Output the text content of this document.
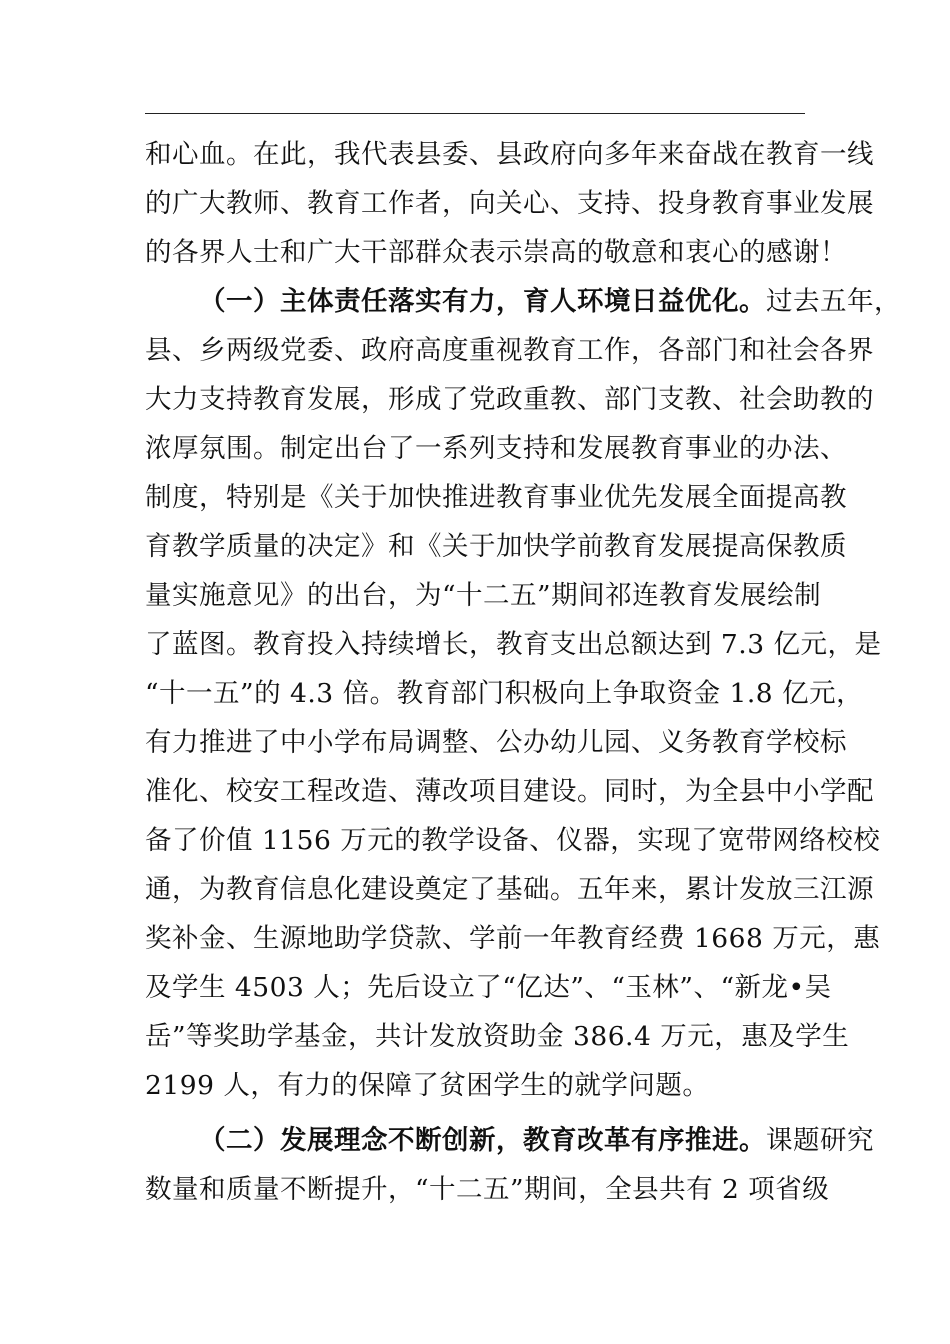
和心血。在此，我代表县委、县政府向多年来奋战在教育一线
的广大教师、教育工作者，向关心、支持、投身教育事业发展
的各界人士和广大干部群众表示崇高的敬意和衷心的感谢！
（一）主体责任落实有力，育人环境日益优化。过去五年，
县、乡两级党委、政府高度重视教育工作，各部门和社会各界
大力支持教育发展，形成了党政重教、部门支教、社会助教的
浓厚氛围。制定出台了一系列支持和发展教育事业的办法、
制度，特别是《关于加快推进教育事业优先发展全面提高教
育教学质量的决定》和《关于加快学前教育发展提高保教质
量实施意见》的出台，为“十二五”期间祁连教育发展绘制
了蓝图。教育投入持续增长，教育支出总额达到 7.3 亿元，是
“十一五”的 4.3 倍。教育部门积极向上争取资金 1.8 亿元，
有力推进了中小学布局调整、公办幼儿园、义务教育学校标
准化、校安工程改造、薄改项目建设。同时，为全县中小学配
备了价值 1156 万元的教学设备、仪器，实现了宽带网络校校
通，为教育信息化建设奠定了基础。五年来，累计发放三江源
奖补金、生源地助学贷款、学前一年教育经费 1668 万元，惠
及学生 4503 人；先后设立了“亿达”、“玉林”、“新龙•吴
岳”等奖助学基金，共计发放资助金 386.4 万元，惠及学生
2199 人，有力的保障了贫困学生的就学问题。
（二）发展理念不断创新，教育改革有序推进。课题研究
数量和质量不断提升，“十二五”期间，全县共有 2 项省级
